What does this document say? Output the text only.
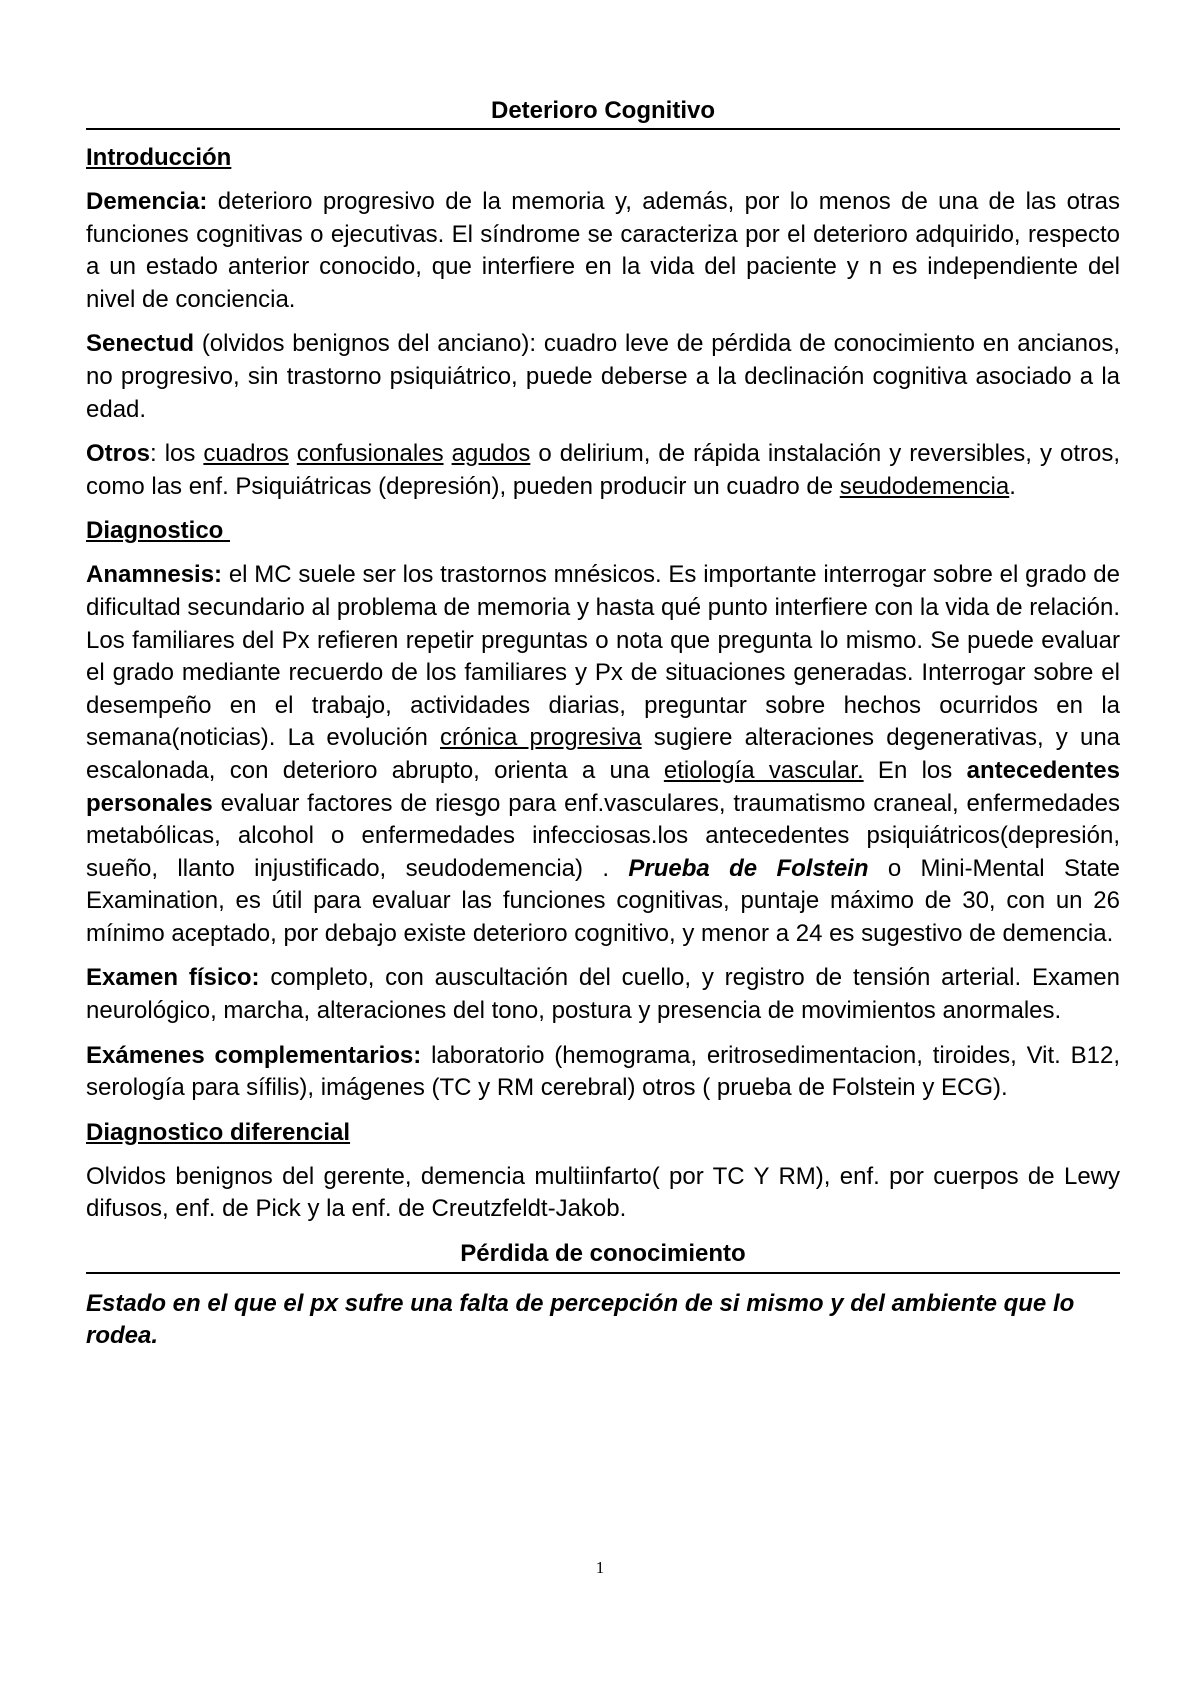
Deterioro Cognitivo
Introducción

Demencia: deterioro progresivo de la memoria y, además, por lo menos de una de las otras funciones cognitivas o ejecutivas. El síndrome se caracteriza por el deterioro adquirido, respecto a un estado anterior conocido, que interfiere en la vida del paciente y n es independiente del nivel de conciencia.

Senectud (olvidos benignos del anciano): cuadro leve de pérdida de conocimiento en ancianos, no progresivo, sin trastorno psiquiátrico, puede deberse a la declinación cognitiva asociado a la edad.

Otros: los cuadros confusionales agudos o delirium, de rápida instalación y reversibles, y otros, como las enf. Psiquiátricas (depresión), pueden producir un cuadro de seudodemencia.

Diagnostico

Anamnesis: el MC suele ser los trastornos mnésicos. Es importante interrogar sobre el grado de dificultad secundario al problema de memoria y hasta qué punto interfiere con la vida de relación. Los familiares del Px refieren repetir preguntas o nota que pregunta lo mismo. Se puede evaluar el grado mediante recuerdo de los familiares y Px de situaciones generadas. Interrogar sobre el desempeño en el trabajo, actividades diarias, preguntar sobre hechos ocurridos en la semana(noticias). La evolución crónica progresiva sugiere alteraciones degenerativas, y una escalonada, con deterioro abrupto, orienta a una etiología vascular. En los antecedentes personales evaluar factores de riesgo para enf.vasculares, traumatismo craneal, enfermedades metabólicas, alcohol o enfermedades infecciosas.los antecedentes psiquiátricos(depresión, sueño, llanto injustificado, seudodemencia) . Prueba de Folstein o Mini-Mental State Examination, es útil para evaluar las funciones cognitivas, puntaje máximo de 30, con un 26 mínimo aceptado, por debajo existe deterioro cognitivo, y menor a 24 es sugestivo de demencia.

Examen físico: completo, con auscultación del cuello, y registro de tensión arterial. Examen neurológico, marcha, alteraciones del tono, postura y presencia de movimientos anormales.

Exámenes complementarios: laboratorio (hemograma, eritrosedimentacion, tiroides, Vit. B12, serología para sífilis), imágenes (TC y RM cerebral) otros ( prueba de Folstein y ECG).

Diagnostico diferencial

Olvidos benignos del gerente, demencia multiinfarto( por TC Y RM), enf. por cuerpos de Lewy difusos, enf. de Pick y la enf. de Creutzfeldt-Jakob.

Pérdida de conocimiento

Estado en el que el px sufre una falta de percepción de si mismo y del ambiente que lo rodea.

1
